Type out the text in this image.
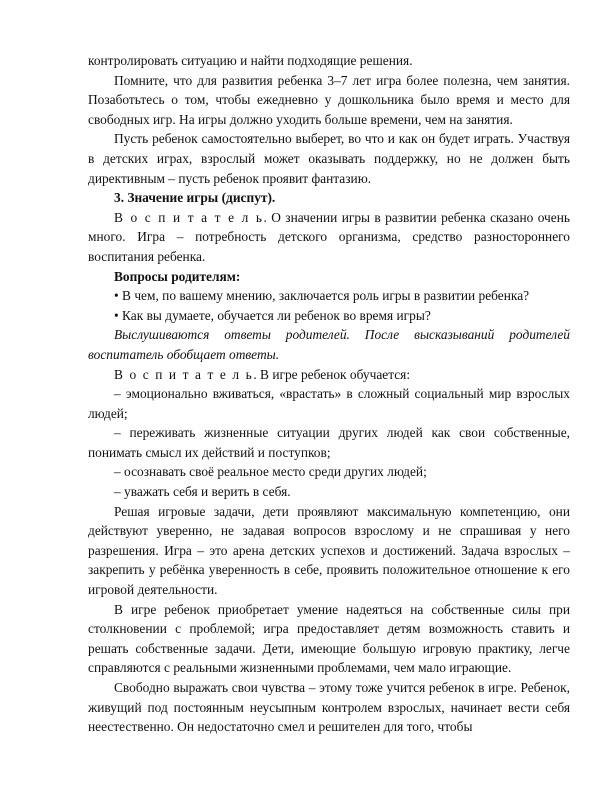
контролировать ситуацию и найти подходящие решения.

Помните, что для развития ребенка 3–7 лет игра более полезна, чем занятия. Позаботьтесь о том, чтобы ежедневно у дошкольника было время и место для свободных игр. На игры должно уходить больше времени, чем на занятия.

Пусть ребенок самостоятельно выберет, во что и как он будет играть. Участвуя в детских играх, взрослый может оказывать поддержку, но не должен быть директивным – пусть ребенок проявит фантазию.

3. Значение игры (диспут).

В о с п и т а т е л ь. О значении игры в развитии ребенка сказано очень много. Игра – потребность детского организма, средство разностороннего воспитания ребенка.

Вопросы родителям:

• В чем, по вашему мнению, заключается роль игры в развитии ребенка?

• Как вы думаете, обучается ли ребенок во время игры?

Выслушиваются ответы родителей. После высказываний родителей воспитатель обобщает ответы.

В о с п и т а т е л ь. В игре ребенок обучается:

– эмоционально вживаться, «врастать» в сложный социальный мир взрослых людей;

– переживать жизненные ситуации других людей как свои собственные, понимать смысл их действий и поступков;

– осознавать своё реальное место среди других людей;

– уважать себя и верить в себя.

Решая игровые задачи, дети проявляют максимальную компетенцию, они действуют уверенно, не задавая вопросов взрослому и не спрашивая у него разрешения. Игра – это арена детских успехов и достижений. Задача взрослых – закрепить у ребёнка уверенность в себе, проявить положительное отношение к его игровой деятельности.

В игре ребенок приобретает умение надеяться на собственные силы при столкновении с проблемой; игра предоставляет детям возможность ставить и решать собственные задачи. Дети, имеющие большую игровую практику, легче справляются с реальными жизненными проблемами, чем мало играющие.

Свободно выражать свои чувства – этому тоже учится ребенок в игре. Ребенок, живущий под постоянным неусыпным контролем взрослых, начинает вести себя неестественно. Он недостаточно смел и решителен для того, чтобы
